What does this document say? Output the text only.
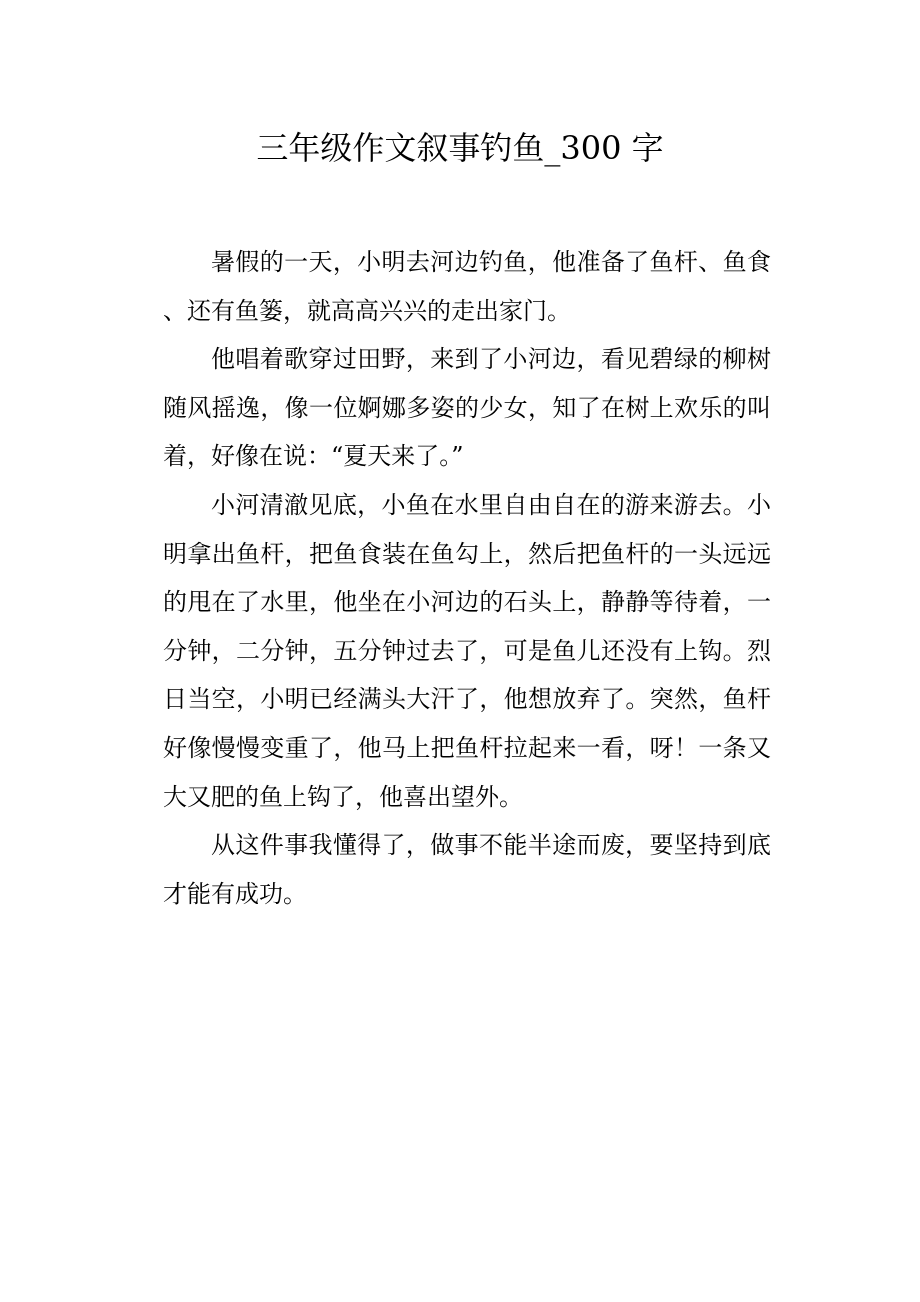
三年级作文叙事钓鱼_300 字

暑假的一天，小明去河边钓鱼，他准备了鱼杆、鱼食、还有鱼篓，就高高兴兴的走出家门。

他唱着歌穿过田野，来到了小河边，看见碧绿的柳树随风摇逸，像一位婀娜多姿的少女，知了在树上欢乐的叫着，好像在说：“夏天来了。”

小河清澈见底，小鱼在水里自由自在的游来游去。小明拿出鱼杆，把鱼食装在鱼勾上，然后把鱼杆的一头远远的甩在了水里，他坐在小河边的石头上，静静等待着，一分钟，二分钟，五分钟过去了，可是鱼儿还没有上钩。烈日当空，小明已经满头大汗了，他想放弃了。突然，鱼杆好像慢慢变重了，他马上把鱼杆拉起来一看，呀！一条又大又肥的鱼上钩了，他喜出望外。

从这件事我懂得了，做事不能半途而废，要坚持到底才能有成功。
